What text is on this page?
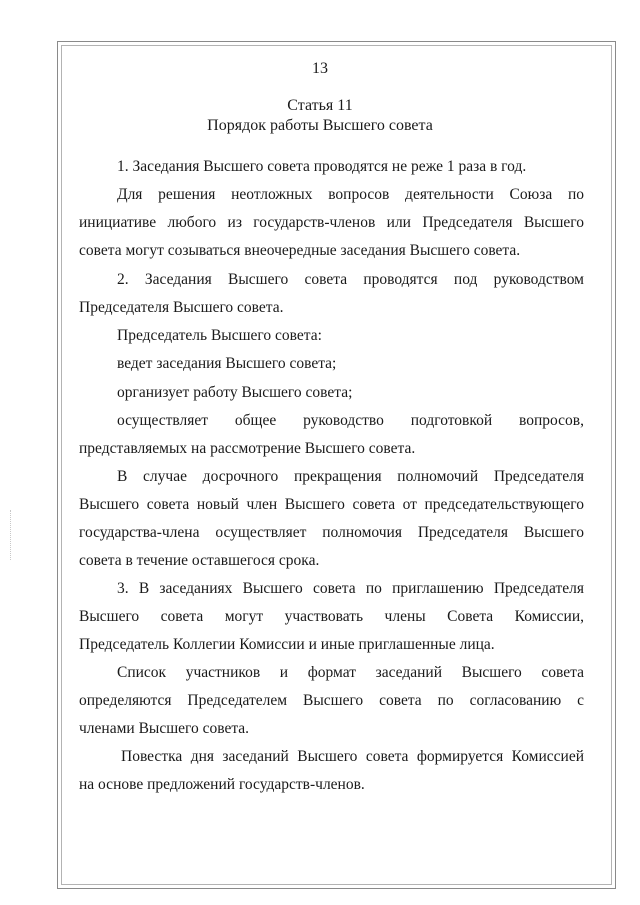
13
Статья 11
Порядок работы Высшего совета
1. Заседания Высшего совета проводятся не реже 1 раза в год.
Для решения неотложных вопросов деятельности Союза по
инициативе любого из государств-членов или Председателя Высшего
совета могут созываться внеочередные заседания Высшего совета.
2. Заседания Высшего совета проводятся под руководством
Председателя Высшего совета.
Председатель Высшего совета:
ведет заседания Высшего совета;
организует работу Высшего совета;
осуществляет общее руководство подготовкой вопросов,
представляемых на рассмотрение Высшего совета.
В случае досрочного прекращения полномочий Председателя
Высшего совета новый член Высшего совета от председательствующего
государства-члена осуществляет полномочия Председателя Высшего
совета в течение оставшегося срока.
3. В заседаниях Высшего совета по приглашению Председателя
Высшего совета могут участвовать члены Совета Комиссии,
Председатель Коллегии Комиссии и иные приглашенные лица.
Список участников и формат заседаний Высшего совета
определяются Председателем Высшего совета по согласованию с
членами Высшего совета.
Повестка дня заседаний Высшего совета формируется Комиссией
на основе предложений государств-членов.
